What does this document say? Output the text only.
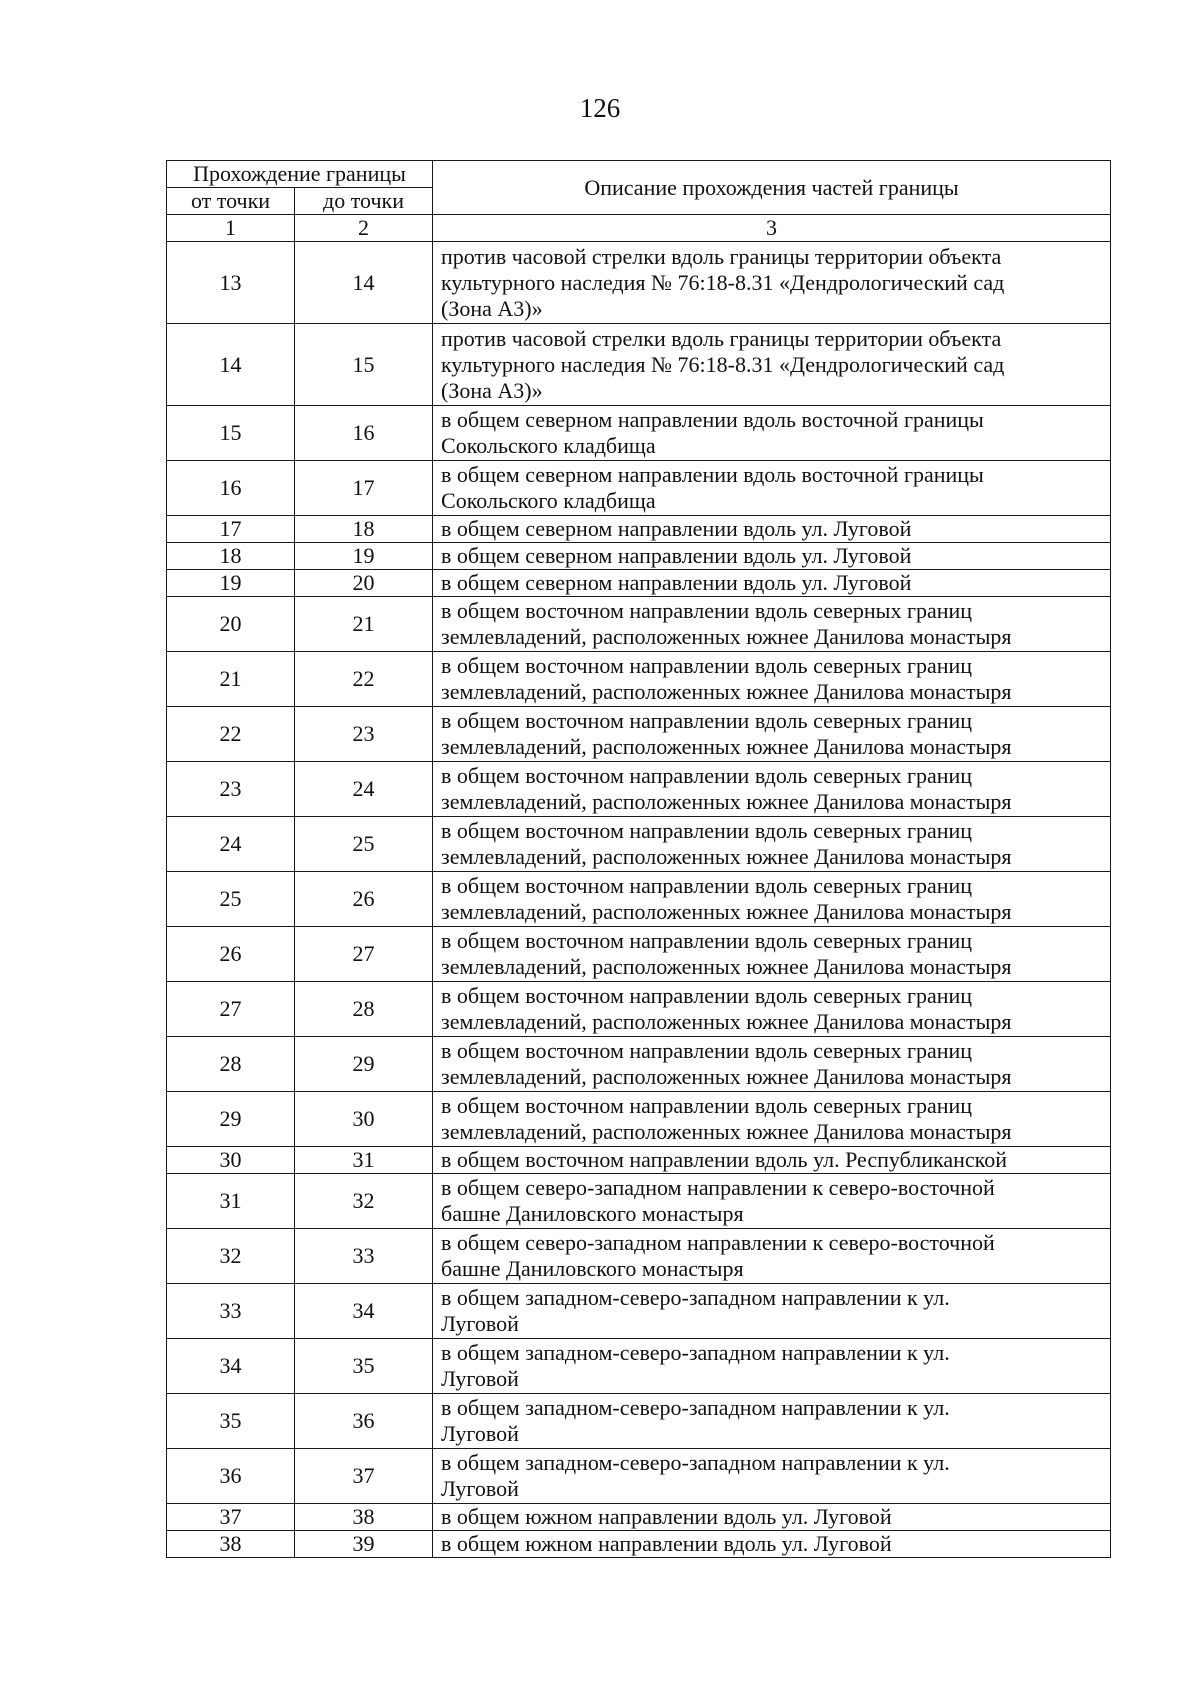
126
Прохождение границы		Описание прохождения частей границы
от точки	до точки	
1	2	3
13	14	против часовой стрелки вдоль границы территории объекта
культурного наследия № 76:18-8.31 «Дендрологический сад
(Зона А3)»

14	15	против часовой стрелки вдоль границы территории объекта
культурного наследия № 76:18-8.31 «Дендрологический сад
(Зона А3)»

15	16	в общем северном направлении вдоль восточной границы
Сокольского кладбища

16	17	в общем северном направлении вдоль восточной границы
Сокольского кладбища

17	18	в общем северном направлении вдоль ул. Луговой

18	19	в общем северном направлении вдоль ул. Луговой

19	20	в общем северном направлении вдоль ул. Луговой

20	21	в общем восточном направлении вдоль северных границ
землевладений, расположенных южнее Данилова монастыря

21	22	в общем восточном направлении вдоль северных границ
землевладений, расположенных южнее Данилова монастыря

22	23	в общем восточном направлении вдоль северных границ
землевладений, расположенных южнее Данилова монастыря

23	24	в общем восточном направлении вдоль северных границ
землевладений, расположенных южнее Данилова монастыря

24	25	в общем восточном направлении вдоль северных границ
землевладений, расположенных южнее Данилова монастыря

25	26	в общем восточном направлении вдоль северных границ
землевладений, расположенных южнее Данилова монастыря

26	27	в общем восточном направлении вдоль северных границ
землевладений, расположенных южнее Данилова монастыря

27	28	в общем восточном направлении вдоль северных границ
землевладений, расположенных южнее Данилова монастыря

28	29	в общем восточном направлении вдоль северных границ
землевладений, расположенных южнее Данилова монастыря

29	30	в общем восточном направлении вдоль северных границ
землевладений, расположенных южнее Данилова монастыря

30	31	в общем восточном направлении вдоль ул. Республиканской

31	32	в общем северо-западном направлении к северо-восточной
башне Даниловского монастыря

32	33	в общем северо-западном направлении к северо-восточной
башне Даниловского монастыря

33	34	в общем западном-северо-западном направлении к ул.
Луговой

34	35	в общем западном-северо-западном направлении к ул.
Луговой

35	36	в общем западном-северо-западном направлении к ул.
Луговой

36	37	в общем западном-северо-западном направлении к ул.
Луговой

37	38	в общем южном направлении вдоль ул. Луговой

38	39	в общем южном направлении вдоль ул. Луговой
